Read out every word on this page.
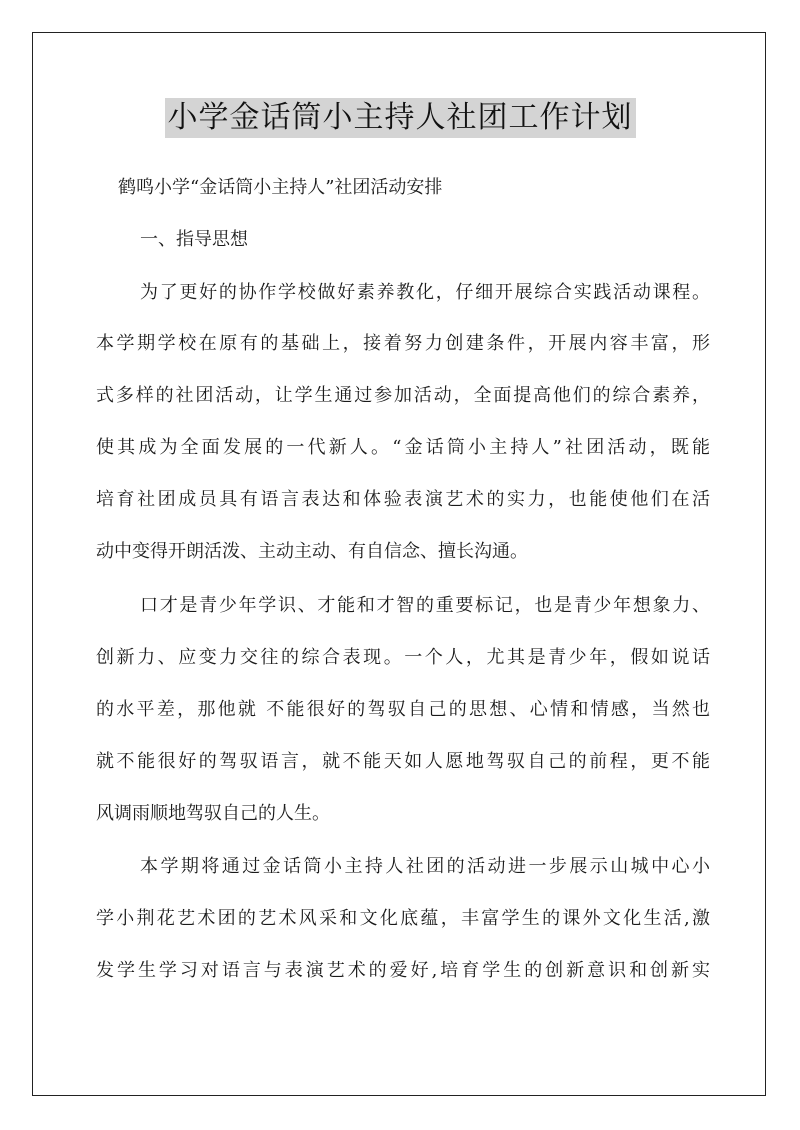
小学金话筒小主持人社团工作计划
鹤鸣小学“金话筒小主持人”社团活动安排
一、指导思想
为了更好的协作学校做好素养教化，仔细开展综合实践活动课程。
本学期学校在原有的基础上，接着努力创建条件，开展内容丰富，形
式多样的社团活动，让学生通过参加活动，全面提高他们的综合素养，
使其成为全面发展的一代新人。“金话筒小主持人”社团活动，既能
培育社团成员具有语言表达和体验表演艺术的实力，也能使他们在活
动中变得开朗活泼、主动主动、有自信念、擅长沟通。
口才是青少年学识、才能和才智的重要标记，也是青少年想象力、
创新力、应变力交往的综合表现。一个人，尤其是青少年，假如说话
的水平差，那他就 不能很好的驾驭自己的思想、心情和情感，当然也
就不能很好的驾驭语言，就不能天如人愿地驾驭自己的前程，更不能
风调雨顺地驾驭自己的人生。
本学期将通过金话筒小主持人社团的活动进一步展示山城中心小
学小荆花艺术团的艺术风采和文化底蕴，丰富学生的课外文化生活,激
发学生学习对语言与表演艺术的爱好,培育学生的创新意识和创新实
